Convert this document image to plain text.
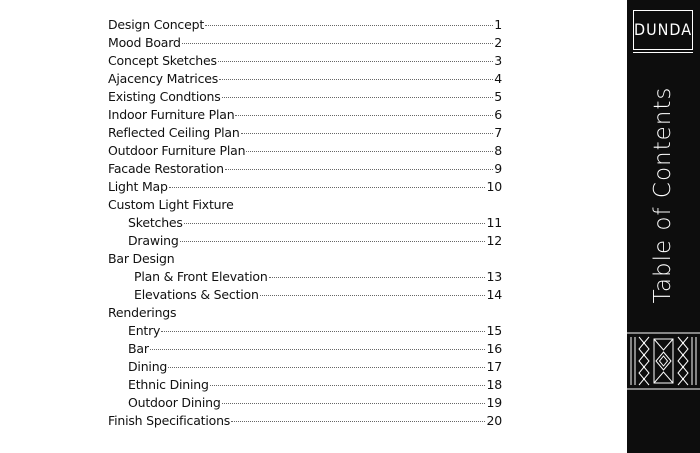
Design Concept	1
Mood Board	2
Concept Sketches	3
Ajacency Matrices	4
Existing Condtions	5
Indoor Furniture Plan	6
Reflected Ceiling Plan	7
Outdoor Furniture Plan	8
Facade Restoration	9
Light Map	10
Custom Light Fixture
Sketches	11
Drawing	12
Bar Design
Plan & Front Elevation	13
Elevations & Section	14
Renderings
Entry	15
Bar	16
Dining	17
Ethnic Dining	18
Outdoor Dining	19
Finish Specifications	20
DUNDA
Table of Contents
